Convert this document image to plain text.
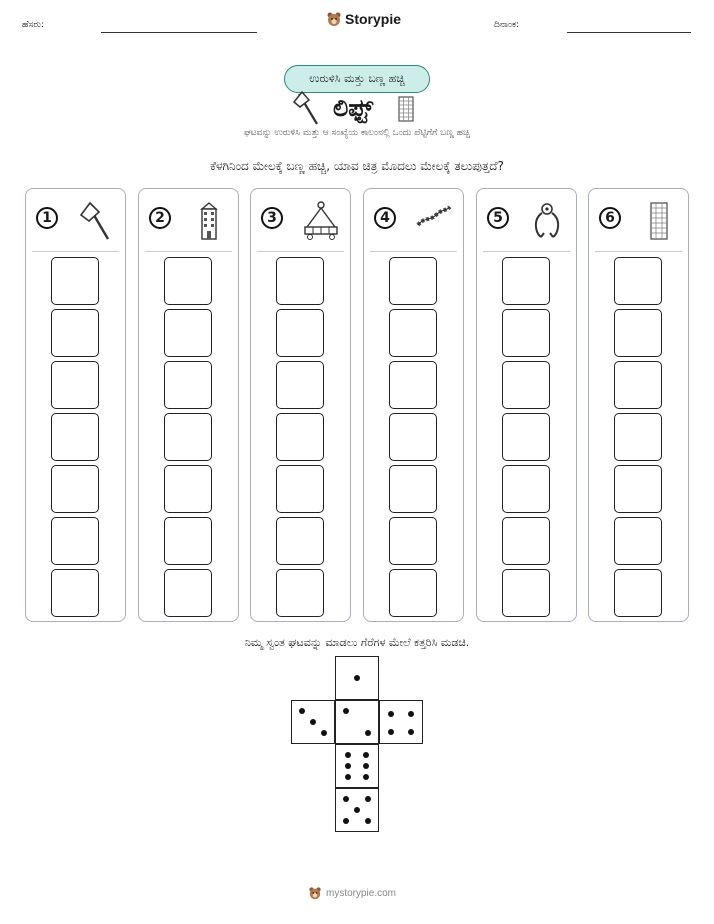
ಹೆಸರು:	Storypie	ದಿನಾಂಕ:
ಉರುಳಿಸಿ ಮತ್ತು ಬಣ್ಣ ಹಚ್ಚಿ
ಲಿಫ್ಟ್
ಘಟವನ್ನು ಉರುಳಿಸಿ ಮತ್ತು ಆ ಸಂಖ್ಯೆಯ ಕಾಲಂನಲ್ಲಿ ಒಂದು ಪೆಟ್ಟಿಗೆಗೆ ಬಣ್ಣ ಹಚ್ಚಿ
ಕೆಳಗಿನಿಂದ ಮೇಲಕ್ಕೆ ಬಣ್ಣ ಹಚ್ಚಿ, ಯಾವ ಚಿತ್ರ ಮೊದಲು ಮೇಲಕ್ಕೆ ತಲುಪುತ್ತದೆ?
1	2	3	4	5	6
ನಿಮ್ಮ ಸ್ವಂತ ಘಟವನ್ನು ಮಾಡಲು ಗೆರೆಗಳ ಮೇಲೆ ಕತ್ತರಿಸಿ ಮಡಚಿ.
mystorypie.com
